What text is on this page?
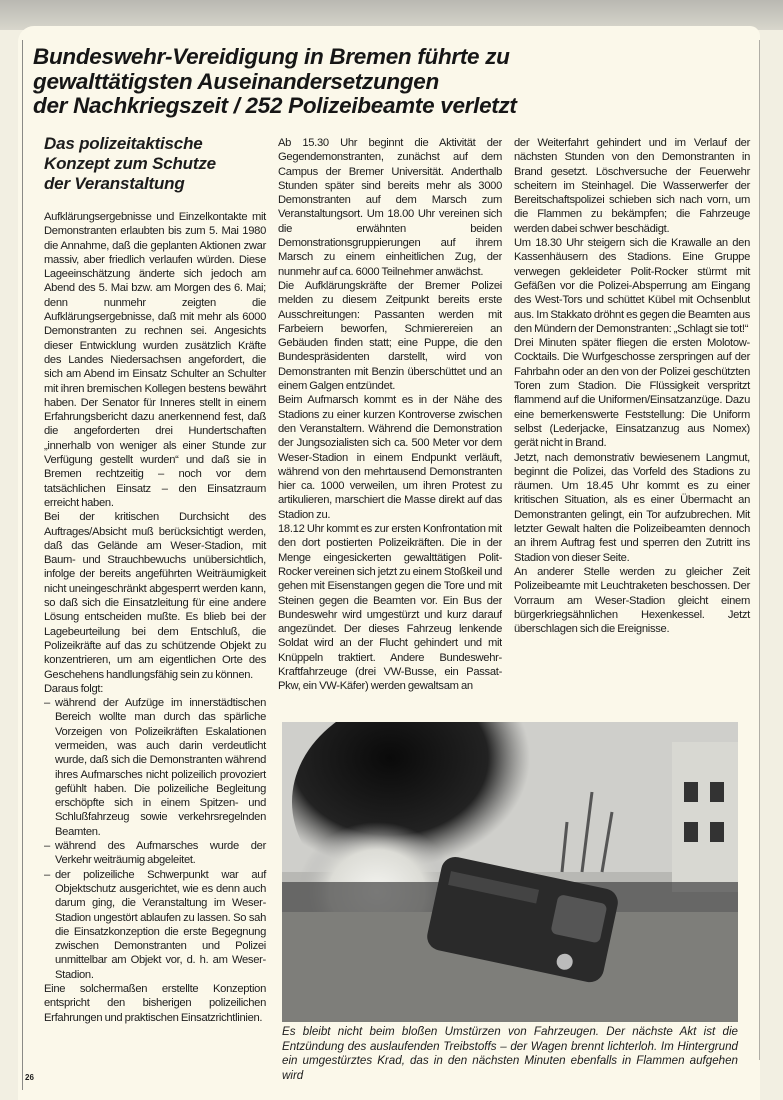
Bundeswehr-Vereidigung in Bremen führte zu
gewalttätigsten Auseinandersetzungen
der Nachkriegszeit / 252 Polizeibeamte verletzt
Das polizeitaktische
Konzept zum Schutze
der Veranstaltung

Aufklärungsergebnisse und Einzelkontakte mit Demonstranten erlaubten bis zum 5. Mai 1980 die Annahme, daß die geplanten Aktionen zwar massiv, aber friedlich verlaufen würden. Diese Lageeinschätzung änderte sich jedoch am Abend des 5. Mai bzw. am Morgen des 6. Mai; denn nunmehr zeigten die Aufklärungsergebnisse, daß mit mehr als 6000 Demonstranten zu rechnen sei. Angesichts dieser Entwicklung wurden zusätzlich Kräfte des Landes Niedersachsen angefordert, die sich am Abend im Einsatz Schulter an Schulter mit ihren bremischen Kollegen bestens bewährt haben. Der Senator für Inneres stellt in einem Erfahrungsbericht dazu anerkennend fest, daß die angeforderten drei Hundertschaften „innerhalb von weniger als einer Stunde zur Verfügung gestellt wurden“ und daß sie in Bremen rechtzeitig – noch vor dem tatsächlichen Einsatz – den Einsatzraum erreicht haben.

Bei der kritischen Durchsicht des Auftrages/Absicht muß berücksichtigt werden, daß das Gelände am Weser-Stadion, mit Baum- und Strauchbewuchs unübersichtlich, infolge der bereits angeführten Weiträumigkeit nicht uneingeschränkt abgesperrt werden kann, so daß sich die Einsatzleitung für eine andere Lösung entscheiden mußte. Es blieb bei der Lagebeurteilung bei dem Entschluß, die Polizeikräfte auf das zu schützende Objekt zu konzentrieren, um am eigentlichen Orte des Geschehens handlungsfähig sein zu können.

Daraus folgt:

– während der Aufzüge im innerstädtischen Bereich wollte man durch das spärliche Vorzeigen von Polizeikräften Eskalationen vermeiden, was auch darin verdeutlicht wurde, daß sich die Demonstranten während ihres Aufmarsches nicht polizeilich provoziert gefühlt haben. Die polizeiliche Begleitung erschöpfte sich in einem Spitzen- und Schlußfahrzeug sowie verkehrsregelnden Beamten.
– während des Aufmarsches wurde der Verkehr weiträumig abgeleitet.
– der polizeiliche Schwerpunkt war auf Objektschutz ausgerichtet, wie es denn auch darum ging, die Veranstaltung im Weser-Stadion ungestört ablaufen zu lassen. So sah die Einsatzkonzeption die erste Begegnung zwischen Demonstranten und Polizei unmittelbar am Objekt vor, d. h. am Weser-Stadion.

Eine solchermaßen erstellte Konzeption entspricht den bisherigen polizeilichen Erfahrungen und praktischen Einsatzrichtlinien.

26

Ab 15.30 Uhr beginnt die Aktivität der Gegendemonstranten, zunächst auf dem Campus der Bremer Universität. Anderthalb Stunden später sind bereits mehr als 3000 Demonstranten auf dem Marsch zum Veranstaltungsort. Um 18.00 Uhr vereinen sich die erwähnten beiden Demonstrationsgruppierungen auf ihrem Marsch zu einem einheitlichen Zug, der nunmehr auf ca. 6000 Teilnehmer anwächst.

Die Aufklärungskräfte der Bremer Polizei melden zu diesem Zeitpunkt bereits erste Ausschreitungen: Passanten werden mit Farbeiern beworfen, Schmierereien an Gebäuden finden statt; eine Puppe, die den Bundespräsidenten darstellt, wird von Demonstranten mit Benzin überschüttet und an einem Galgen entzündet.

Beim Aufmarsch kommt es in der Nähe des Stadions zu einer kurzen Kontroverse zwischen den Veranstaltern. Während die Demonstration der Jungsozialisten sich ca. 500 Meter vor dem Weser-Stadion in einem Endpunkt verläuft, während von den mehrtausend Demonstranten hier ca. 1000 verweilen, um ihren Protest zu artikulieren, marschiert die Masse direkt auf das Stadion zu.

18.12 Uhr kommt es zur ersten Konfrontation mit den dort postierten Polizeikräften. Die in der Menge eingesickerten gewalttätigen Polit-Rocker vereinen sich jetzt zu einem Stoßkeil und gehen mit Eisenstangen gegen die Tore und mit Steinen gegen die Beamten vor. Ein Bus der Bundeswehr wird umgestürzt und kurz darauf angezündet. Der dieses Fahrzeug lenkende Soldat wird an der Flucht gehindert und mit Knüppeln traktiert. Andere Bundeswehr-Kraftfahrzeuge (drei VW-Busse, ein Passat-Pkw, ein VW-Käfer) werden gewaltsam an

der Weiterfahrt gehindert und im Verlauf der nächsten Stunden von den Demonstranten in Brand gesetzt. Löschversuche der Feuerwehr scheitern im Steinhagel. Die Wasserwerfer der Bereitschaftspolizei schieben sich nach vorn, um die Flammen zu bekämpfen; die Fahrzeuge werden dabei schwer beschädigt.

Um 18.30 Uhr steigern sich die Krawalle an den Kassenhäusern des Stadions. Eine Gruppe verwegen gekleideter Polit-Rocker stürmt mit Gefäßen vor die Polizei-Absperrung am Eingang des West-Tors und schüttet Kübel mit Ochsenblut aus. Im Stakkato dröhnt es gegen die Beamten aus den Mündern der Demonstranten: „Schlagt sie tot!“

Drei Minuten später fliegen die ersten Molotow-Cocktails. Die Wurfgeschosse zerspringen auf der Fahrbahn oder an den von der Polizei geschützten Toren zum Stadion. Die Flüssigkeit verspritzt flammend auf die Uniformen/Einsatzanzüge. Dazu eine bemerkenswerte Feststellung: Die Uniform selbst (Lederjacke, Einsatzanzug aus Nomex) gerät nicht in Brand.

Jetzt, nach demonstrativ bewiesenem Langmut, beginnt die Polizei, das Vorfeld des Stadions zu räumen. Um 18.45 Uhr kommt es zu einer kritischen Situation, als es einer Übermacht an Demonstranten gelingt, ein Tor aufzubrechen. Mit letzter Gewalt halten die Polizeibeamten dennoch an ihrem Auftrag fest und sperren den Zutritt ins Stadion von dieser Seite.

An anderer Stelle werden zu gleicher Zeit Polizeibeamte mit Leuchtraketen beschossen. Der Vorraum am Weser-Stadion gleicht einem bürgerkriegsähnlichen Hexenkessel. Jetzt überschlagen sich die Ereignisse.

Es bleibt nicht beim bloßen Umstürzen von Fahrzeugen. Der nächste Akt ist die Entzündung des auslaufenden Treibstoffs – der Wagen brennt lichterloh. Im Hintergrund ein umgestürztes Krad, das in den nächsten Minuten ebenfalls in Flammen aufgehen wird
